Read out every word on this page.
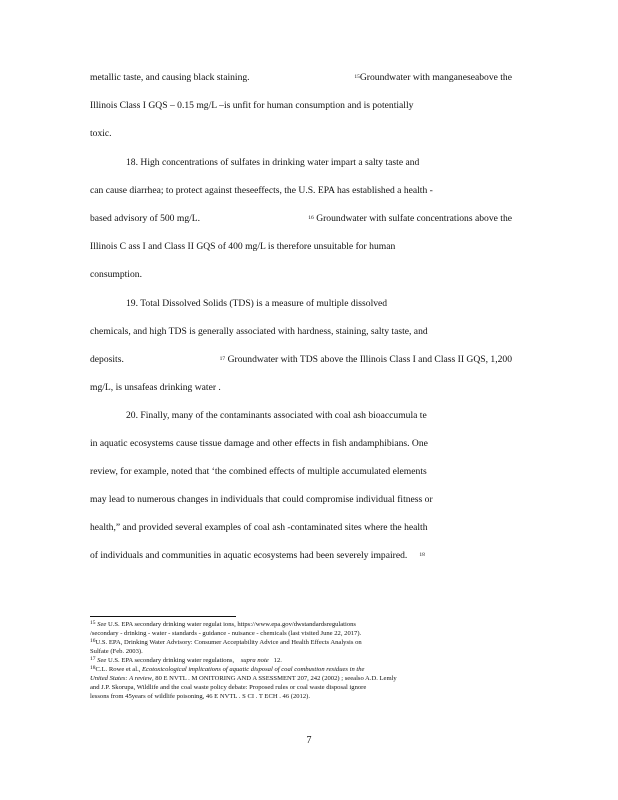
metallic taste, and causing black staining.	$^{15}$Groundwater with manganeseabove the
Illinois Class I GQS – 0.15 mg/L –is unfit for human consumption and is potentially
toxic.
18. High concentrations of sulfates in drinking water impart a salty taste and
can cause diarrhea; to protect against theseeffects, the U.S. EPA has established a health -
based advisory of 500 mg/L.	$^{16}$ Groundwater with sulfate concentrations above the
Illinois C ass I and Class II GQS of 400 mg/L is therefore unsuitable for human
consumption.
19. Total Dissolved Solids (TDS) is a measure of multiple dissolved
chemicals, and high TDS is generally associated with hardness, staining, salty taste, and
deposits.	$^{17}$ Groundwater with TDS above the Illinois Class I and Class II GQS, 1,200
mg/L, is unsafeas drinking water .
20. Finally, many of the contaminants associated with coal ash bioaccumula te
in aquatic ecosystems cause tissue damage and other effects in fish andamphibians. One
review, for example, noted that ‘the combined effects of multiple accumulated elements
may lead to numerous changes in individuals that could compromise individual fitness or
health,” and provided several examples of coal ash -contaminated sites where the health
of individuals and communities in aquatic ecosystems had been severely impaired. $^{18}$
$^{15}$ See U.S. EPA secondary drinking water regulat ions, https://www.epa.gov/dwstandardsregulations
/secondary - drinking - water - standards - guidance - nuisance - chemicals (last visited June 22, 2017).
$^{16}$U.S. EPA, Drinking Water Advisory: Consumer Acceptability Advice and Health Effects Analysis on
Sulfate (Feb. 2003).
$^{17}$ See U.S. EPA secondary drinking water regulations, supra note 12.
$^{18}$C.L. Rowe et al., Ecotoxicological implications of aquatic disposal of coal combustion residues in the
United States: A review, 80 E NVTL . M ONITORING AND A SSESSMENT 207, 242 (2002) ; seealso A.D. Lemly
and J.P. Skorupa, Wildlife and the coal waste policy debate: Proposed rules or coal waste disposal ignore
lessons from 45years of wildlife poisoning, 46 E NVTL . S CI . T ECH . 46 (2012).
7
